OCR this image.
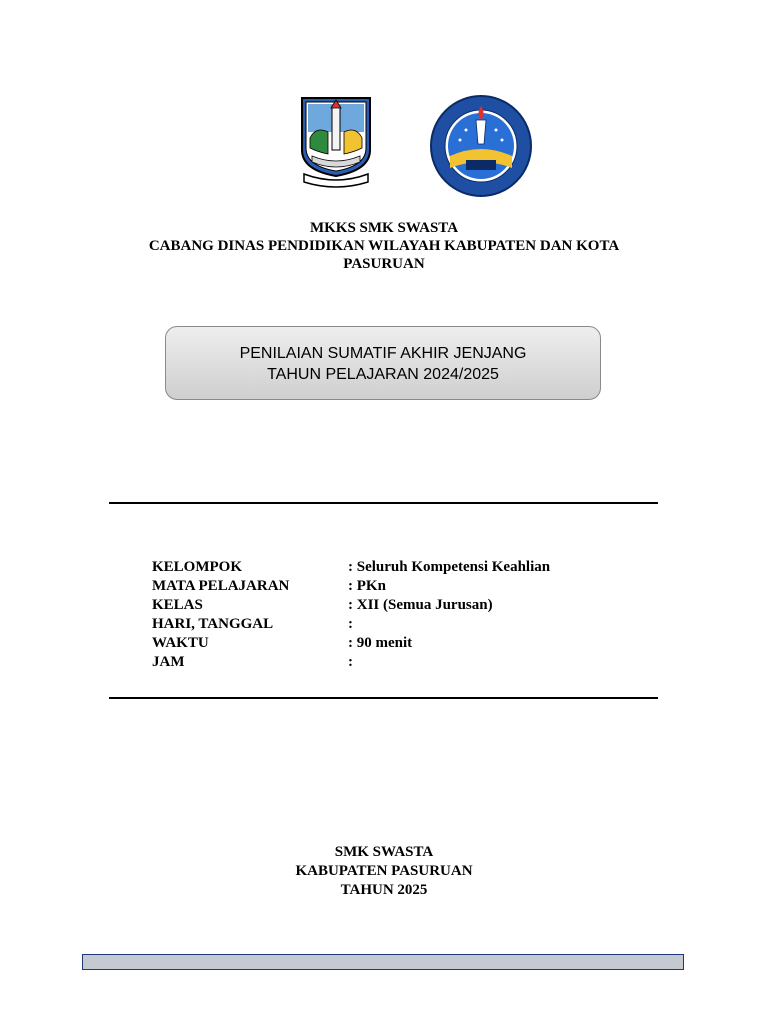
MKKS SMK SWASTA
CABANG DINAS PENDIDIKAN WILAYAH KABUPATEN DAN KOTA
PASURUAN
PENILAIAN SUMATIF AKHIR JENJANG
TAHUN PELAJARAN 2024/2025
KELOMPOK	: Seluruh Kompetensi Keahlian
MATA PELAJARAN	: PKn
KELAS	: XII (Semua Jurusan)
HARI, TANGGAL	:
WAKTU	: 90 menit
JAM	:
SMK SWASTA
KABUPATEN PASURUAN
TAHUN 2025
